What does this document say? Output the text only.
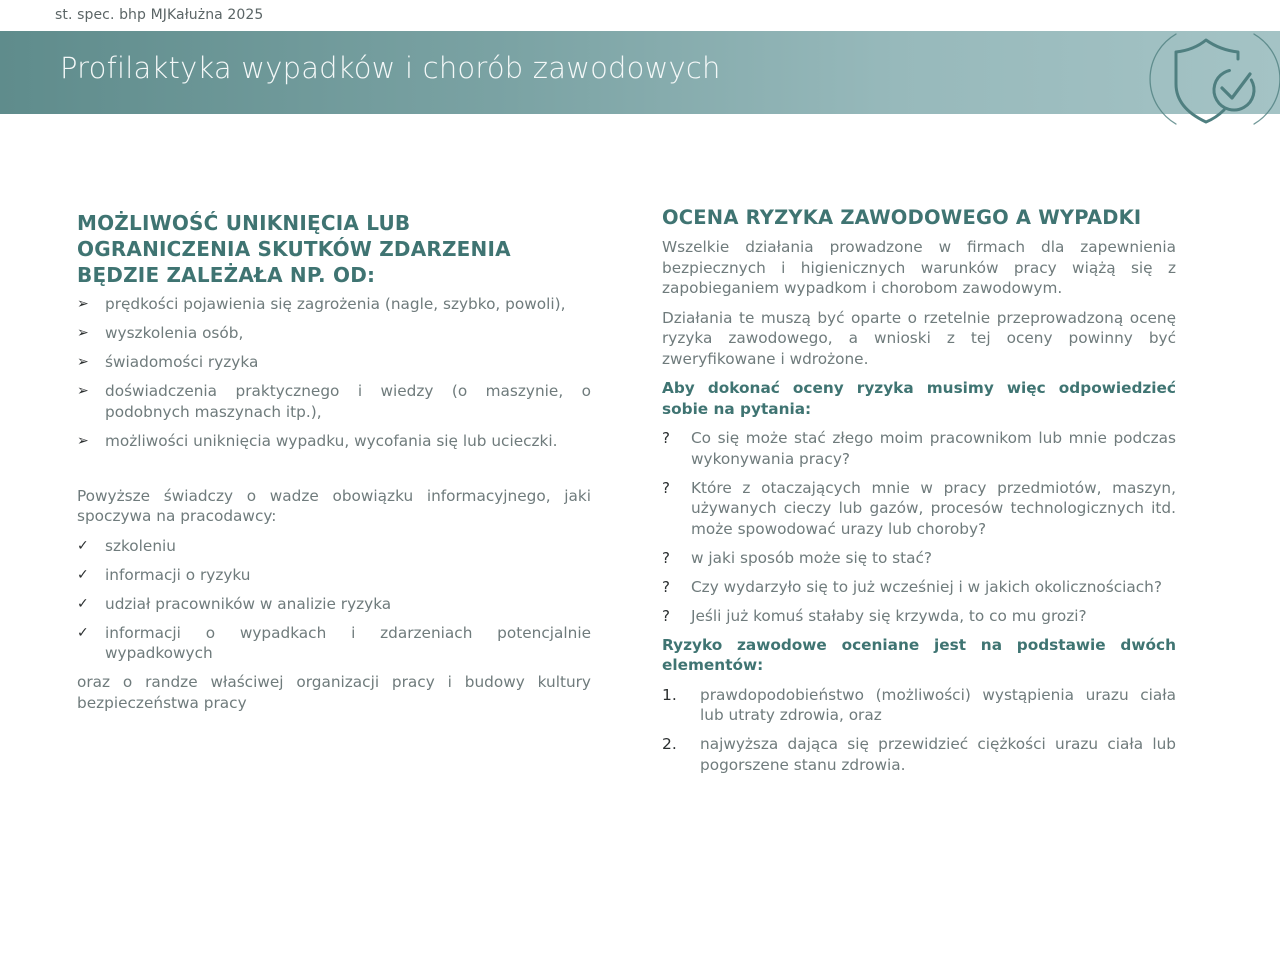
st. spec. bhp MJKałużna 2025
Profilaktyka wypadków i chorób zawodowych
MOŻLIWOŚĆ UNIKNIĘCIA LUB
OGRANICZENIA SKUTKÓW ZDARZENIA
BĘDZIE ZALEŻAŁA NP. OD:
➢	prędkości pojawienia się zagrożenia (nagle, szybko, powoli),
➢	wyszkolenia osób,
➢	świadomości ryzyka
➢	doświadczenia praktycznego i wiedzy (o maszynie, o podobnych maszynach itp.),
➢	możliwości uniknięcia wypadku, wycofania się lub ucieczki.

Powyższe świadczy o wadze obowiązku informacyjnego, jaki spoczywa na pracodawcy:

✓	szkoleniu
✓	informacji o ryzyku
✓	udział pracowników w analizie ryzyka
✓	informacji o wypadkach i zdarzeniach potencjalnie wypadkowych

oraz o randze właściwej organizacji pracy i budowy kultury bezpieczeństwa pracy

OCENA RYZYKA ZAWODOWEGO A WYPADKI

Wszelkie działania prowadzone w firmach dla zapewnienia bezpiecznych i higienicznych warunków pracy wiążą się z zapobieganiem wypadkom i chorobom zawodowym.

Działania te muszą być oparte o rzetelnie przeprowadzoną ocenę ryzyka zawodowego, a wnioski z tej oceny powinny być zweryfikowane i wdrożone.

Aby dokonać oceny ryzyka musimy więc odpowiedzieć sobie na pytania:

?	Co się może stać złego moim pracownikom lub mnie podczas wykonywania pracy?
?	Które z otaczających mnie w pracy przedmiotów, maszyn, używanych cieczy lub gazów, procesów technologicznych itd. może spowodować urazy lub choroby?
?	w jaki sposób może się to stać?
?	Czy wydarzyło się to już wcześniej i w jakich okolicznościach?
?	Jeśli już komuś stałaby się krzywda, to co mu grozi?

Ryzyko zawodowe oceniane jest na podstawie dwóch elementów:

1.	prawdopodobieństwo (możliwości) wystąpienia urazu ciała lub utraty zdrowia, oraz
2.	najwyższa dająca się przewidzieć ciężkości urazu ciała lub pogorszene stanu zdrowia.
